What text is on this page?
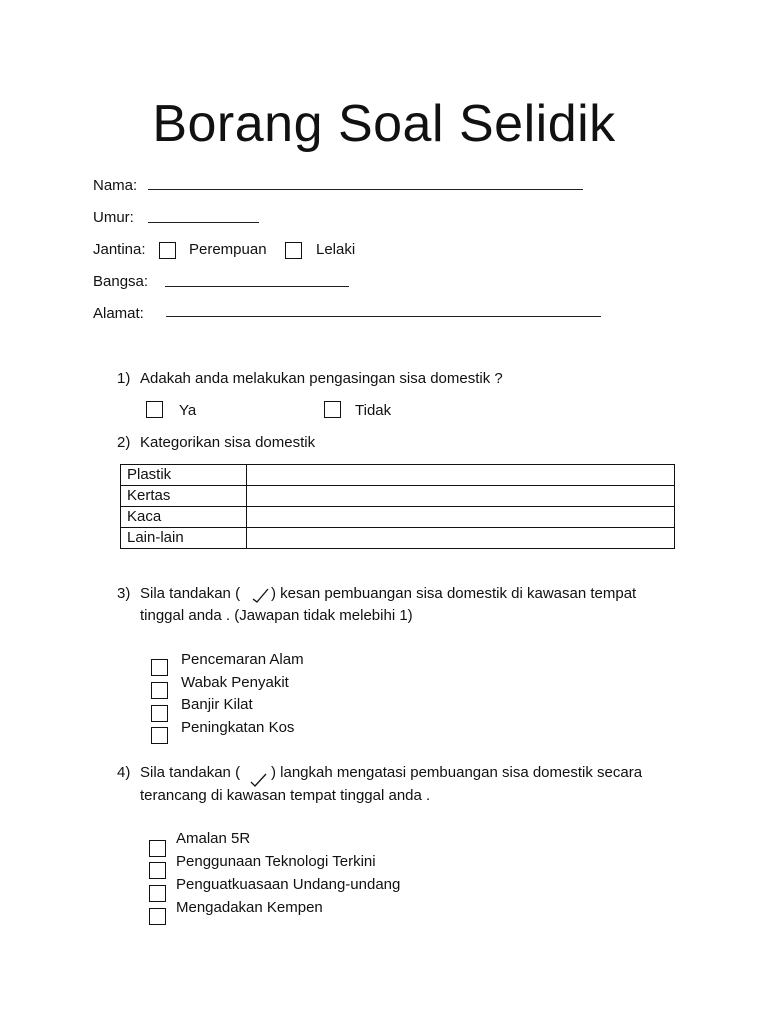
Borang Soal Selidik
Nama:
Umur:
Jantina:	Perempuan	Lelaki
Bangsa:
Alamat:
1) Adakah anda melakukan pengasingan sisa domestik ?
Ya	Tidak
2) Kategorikan sisa domestik
Plastik	
Kertas	
Kaca	
Lain-lain	
3) Sila tandakan ( ) kesan pembuangan sisa domestik di kawasan tempat
tinggal anda . (Jawapan tidak melebihi 1)
Pencemaran Alam
Wabak Penyakit
Banjir Kilat
Peningkatan Kos
4) Sila tandakan ( ) langkah mengatasi pembuangan sisa domestik secara
terancang di kawasan tempat tinggal anda .
Amalan 5R
Penggunaan Teknologi Terkini
Penguatkuasaan Undang-undang
Mengadakan Kempen
